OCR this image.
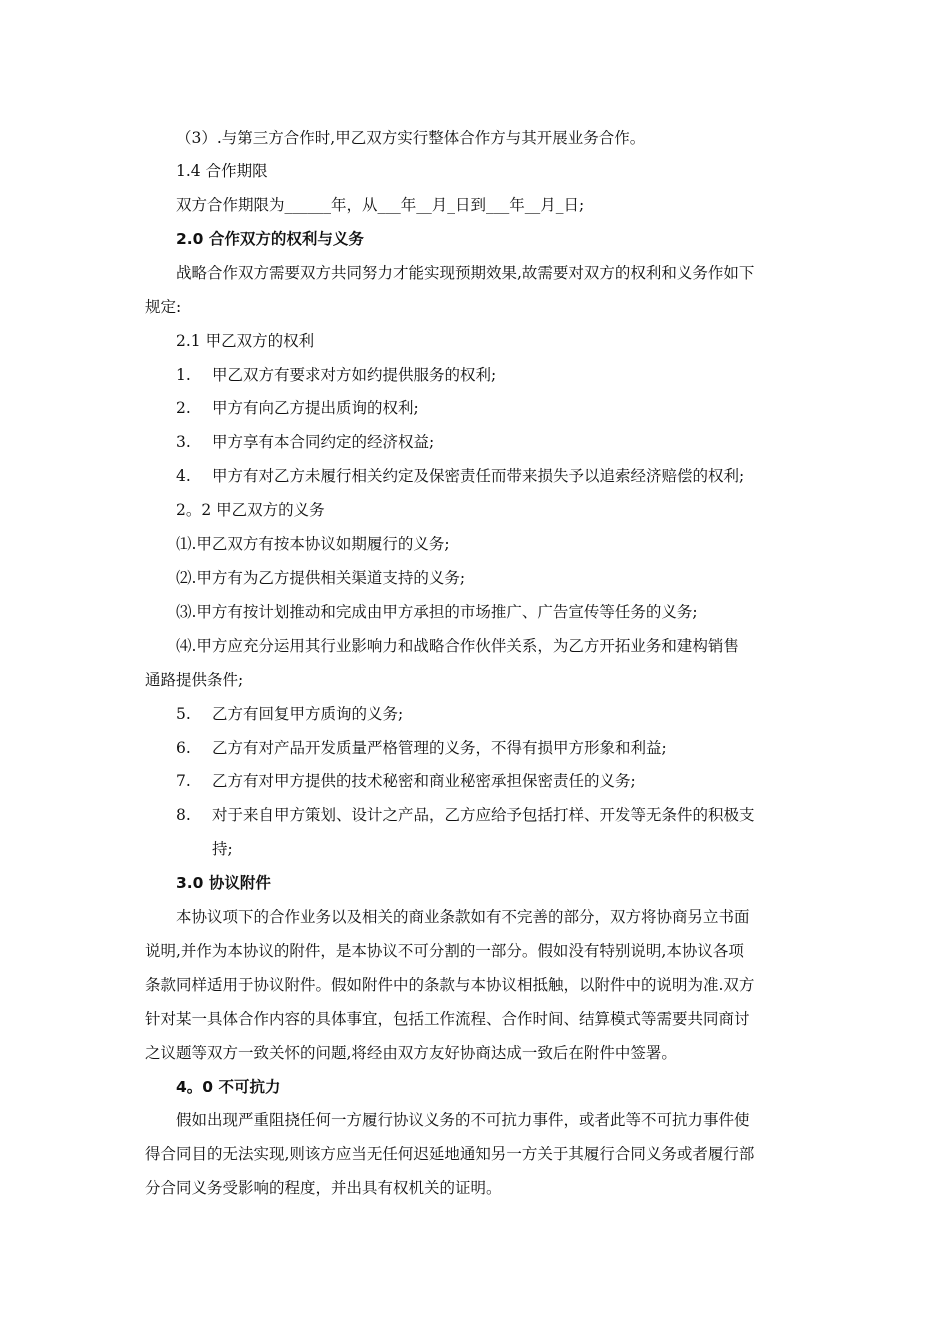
（3）.与第三方合作时,甲乙双方实行整体合作方与其开展业务合作。
1.4 合作期限
双方合作期限为______年，从___年__月_日到___年__月_日;
2.0 合作双方的权利与义务
战略合作双方需要双方共同努力才能实现预期效果,故需要对双方的权利和义务作如下
规定:
2.1 甲乙双方的权利
1. 甲乙双方有要求对方如约提供服务的权利;
2. 甲方有向乙方提出质询的权利;
3. 甲方享有本合同约定的经济权益;
4. 甲方有对乙方未履行相关约定及保密责任而带来损失予以追索经济赔偿的权利;
2。2 甲乙双方的义务
⑴.甲乙双方有按本协议如期履行的义务;
⑵.甲方有为乙方提供相关渠道支持的义务;
⑶.甲方有按计划推动和完成由甲方承担的市场推广、广告宣传等任务的义务;
⑷.甲方应充分运用其行业影响力和战略合作伙伴关系，为乙方开拓业务和建构销售
通路提供条件;
5. 乙方有回复甲方质询的义务;
6. 乙方有对产品开发质量严格管理的义务，不得有损甲方形象和利益;
7. 乙方有对甲方提供的技术秘密和商业秘密承担保密责任的义务;
8. 对于来自甲方策划、设计之产品，乙方应给予包括打样、开发等无条件的积极支
持;
3.0 协议附件
本协议项下的合作业务以及相关的商业条款如有不完善的部分，双方将协商另立书面
说明,并作为本协议的附件，是本协议不可分割的一部分。假如没有特别说明,本协议各项
条款同样适用于协议附件。假如附件中的条款与本协议相抵触，以附件中的说明为准.双方
针对某一具体合作内容的具体事宜，包括工作流程、合作时间、结算模式等需要共同商讨
之议题等双方一致关怀的问题,将经由双方友好协商达成一致后在附件中签署。
4。0 不可抗力
假如出现严重阻挠任何一方履行协议义务的不可抗力事件，或者此等不可抗力事件使
得合同目的无法实现,则该方应当无任何迟延地通知另一方关于其履行合同义务或者履行部
分合同义务受影响的程度，并出具有权机关的证明。
